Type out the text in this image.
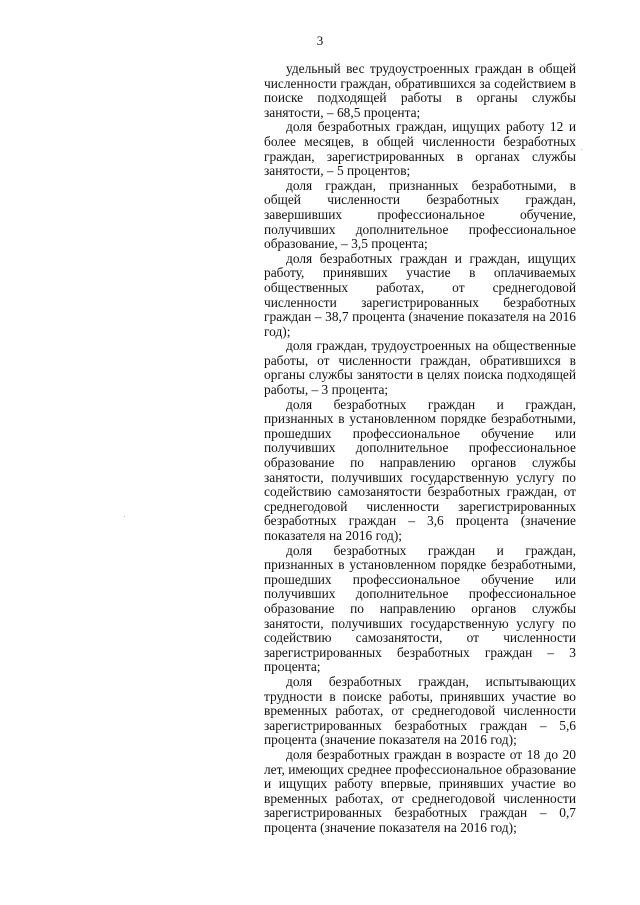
3

удельный вес трудоустроенных граждан в общей численности граждан, обратившихся за содействием в поиске подходящей работы в органы службы занятости, – 68,5 процента;

доля безработных граждан, ищущих работу 12 и более месяцев, в общей численности безработных граждан, зарегистрированных в органах службы занятости, – 5 процентов;

доля граждан, признанных безработными, в общей численности безработных граждан, завершивших профессиональное обучение, получивших дополнительное профессиональное образование, – 3,5 процента;

доля безработных граждан и граждан, ищущих работу, принявших участие в оплачиваемых общественных работах, от среднегодовой численности зарегистрированных безработных граждан – 38,7 процента (значение показателя на 2016 год);

доля граждан, трудоустроенных на общественные работы, от численности граждан, обратившихся в органы службы занятости в целях поиска подходящей работы, – 3 процента;

доля безработных граждан и граждан, признанных в установленном порядке безработными, прошедших профессиональное обучение или получивших дополнительное профессиональное образование по направлению органов службы занятости, получивших государственную услугу по содействию самозанятости безработных граждан, от среднегодовой численности зарегистрированных безработных граждан – 3,6 процента (значение показателя на 2016 год);

доля безработных граждан и граждан, признанных в установленном порядке безработными, прошедших профессиональное обучение или получивших дополнительное профессиональное образование по направлению органов службы занятости, получивших государственную услугу по содействию самозанятости, от численности зарегистрированных безработных граждан – 3 процента;

доля безработных граждан, испытывающих трудности в поиске работы, принявших участие во временных работах, от среднегодовой численности зарегистрированных безработных граждан – 5,6 процента (значение показателя на 2016 год);

доля безработных граждан в возрасте от 18 до 20 лет, имеющих среднее профессиональное образование и ищущих работу впервые, принявших участие во временных работах, от среднегодовой численности зарегистрированных безработных граждан – 0,7 процента (значение показателя на 2016 год);
